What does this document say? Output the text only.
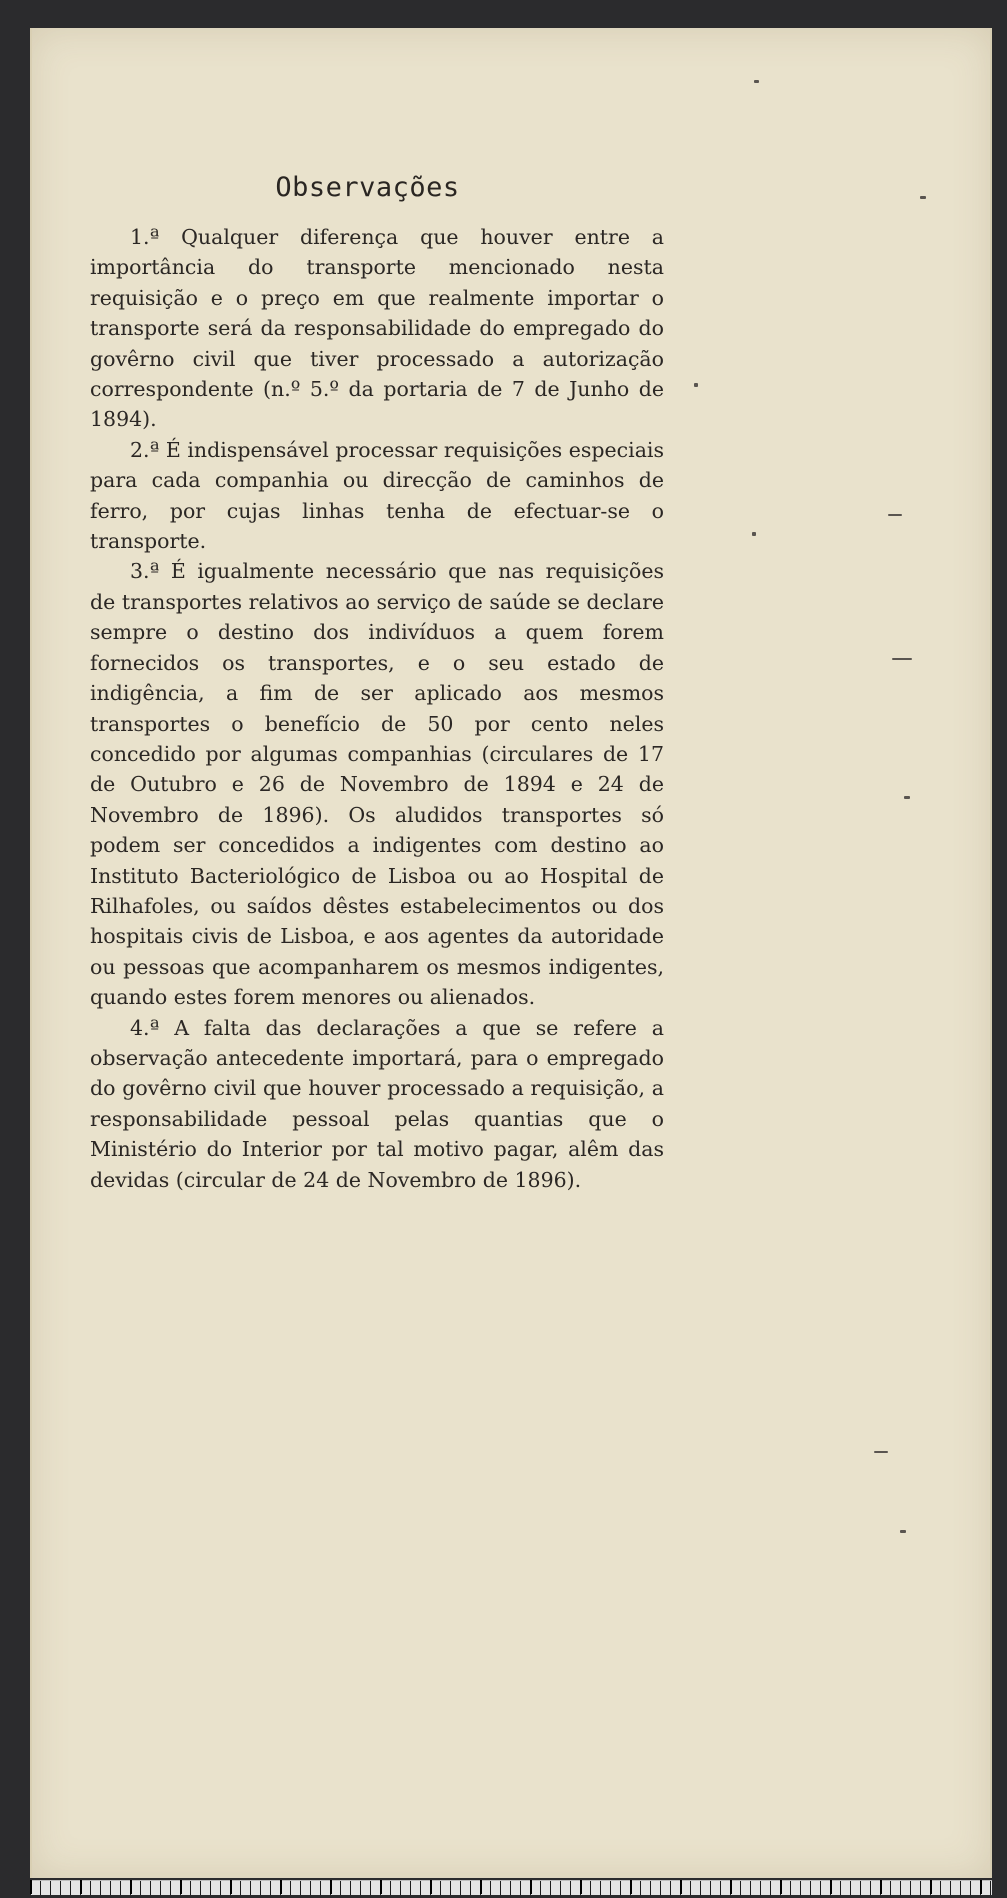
Observações

1.ª Qualquer diferença que houver entre a importância do transporte mencionado nesta requisição e o preço em que realmente importar o transporte será da responsabilidade do empregado do govêrno civil que tiver processado a autorização correspondente (n.º 5.º da portaria de 7 de Junho de 1894).

2.ª É indispensável processar requisições especiais para cada companhia ou direcção de caminhos de ferro, por cujas linhas tenha de efectuar-se o transporte.

3.ª É igualmente necessário que nas requisições de transportes relativos ao serviço de saúde se declare sempre o destino dos indivíduos a quem forem fornecidos os transportes, e o seu estado de indigência, a fim de ser aplicado aos mesmos transportes o benefício de 50 por cento neles concedido por algumas companhias (circulares de 17 de Outubro e 26 de Novembro de 1894 e 24 de Novembro de 1896). Os aludidos transportes só podem ser concedidos a indigentes com destino ao Instituto Bacteriológico de Lisboa ou ao Hospital de Rilhafoles, ou saídos dêstes estabelecimentos ou dos hospitais civis de Lisboa, e aos agentes da autoridade ou pessoas que acompanharem os mesmos indigentes, quando estes forem menores ou alienados.

4.ª A falta das declarações a que se refere a observação antecedente importará, para o empregado do govêrno civil que houver processado a requisição, a responsabilidade pessoal pelas quantias que o Ministério do Interior por tal motivo pagar, alêm das devidas (circular de 24 de Novembro de 1896).
